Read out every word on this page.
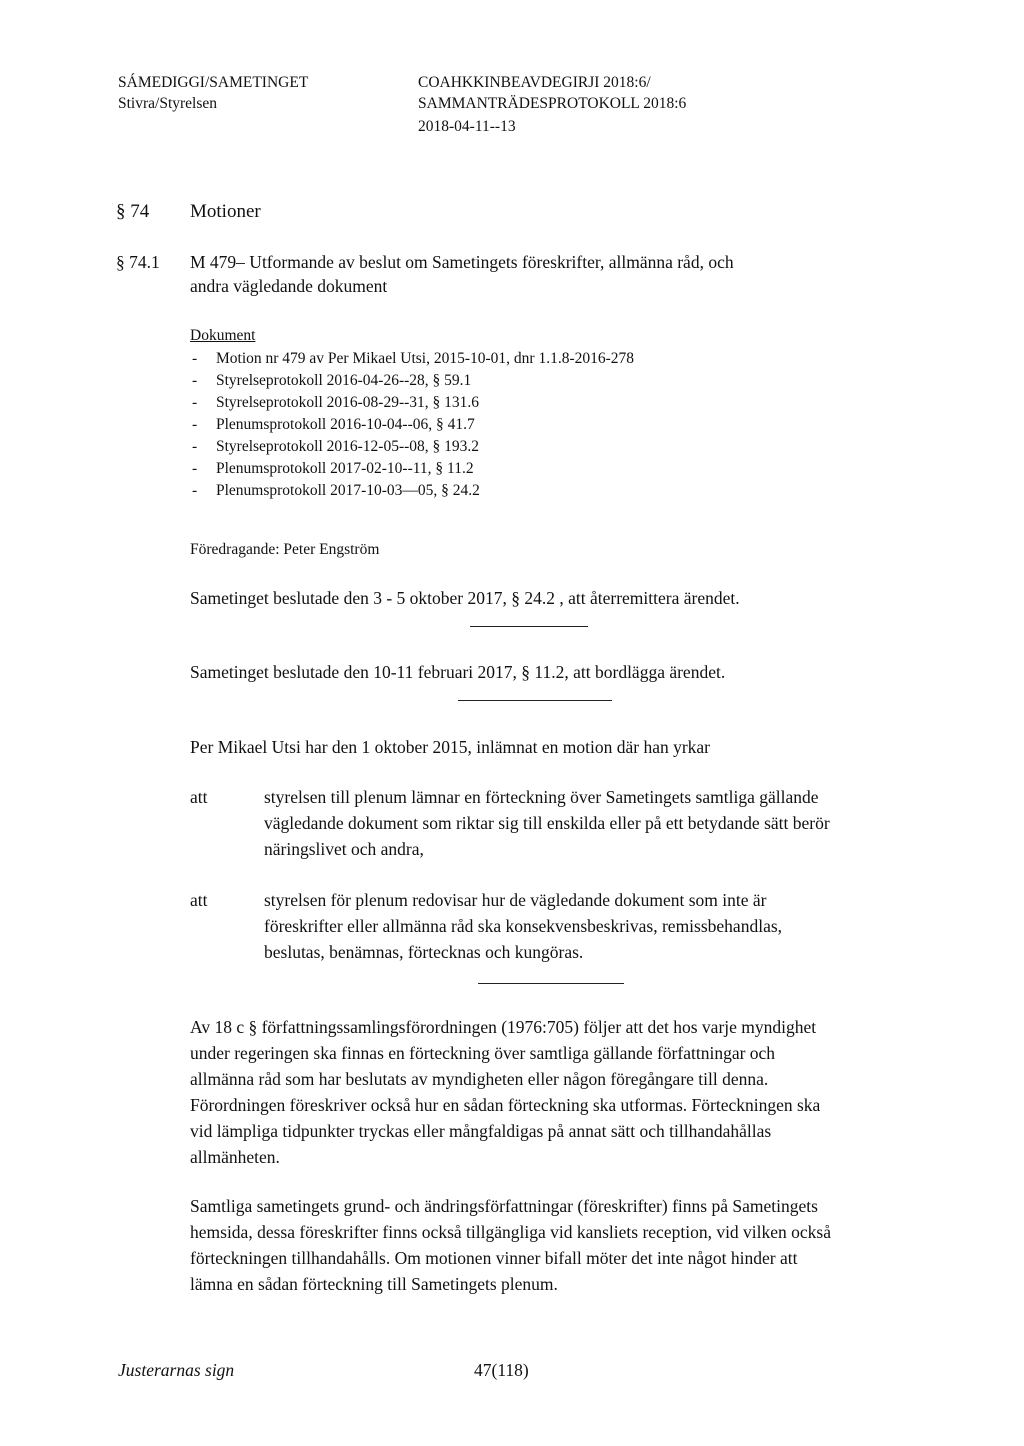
SÁMEDIGGI/SAMETINGET
Stivra/Styrelsen
COAHKKINBEAVDEGIRJI 2018:6/
SAMMANTRÄDESPROTOKOLL 2018:6
2018-04-11--13
§ 74 Motioner
§ 74.1 M 479– Utformande av beslut om Sametingets föreskrifter, allmänna råd, och
andra vägledande dokument
Dokument
-	Motion nr 479 av Per Mikael Utsi, 2015-10-01, dnr 1.1.8-2016-278
-	Styrelseprotokoll 2016-04-26--28, § 59.1
-	Styrelseprotokoll 2016-08-29--31, § 131.6
-	Plenumsprotokoll 2016-10-04--06, § 41.7
-	Styrelseprotokoll 2016-12-05--08, § 193.2
-	Plenumsprotokoll 2017-02-10--11, § 11.2
-	Plenumsprotokoll 2017-10-03—05, § 24.2
Föredragande: Peter Engström
Sametinget beslutade den 3 - 5 oktober 2017, § 24.2 , att återremittera ärendet.
Sametinget beslutade den 10-11 februari 2017, § 11.2, att bordlägga ärendet.
Per Mikael Utsi har den 1 oktober 2015, inlämnat en motion där han yrkar
att	styrelsen till plenum lämnar en förteckning över Sametingets samtliga gällande
vägledande dokument som riktar sig till enskilda eller på ett betydande sätt berör
näringslivet och andra,
att	styrelsen för plenum redovisar hur de vägledande dokument som inte är
föreskrifter eller allmänna råd ska konsekvensbeskrivas, remissbehandlas,
beslutas, benämnas, förtecknas och kungöras.
Av 18 c § författningssamlingsförordningen (1976:705) följer att det hos varje myndighet
under regeringen ska finnas en förteckning över samtliga gällande författningar och
allmänna råd som har beslutats av myndigheten eller någon föregångare till denna.
Förordningen föreskriver också hur en sådan förteckning ska utformas. Förteckningen ska
vid lämpliga tidpunkter tryckas eller mångfaldigas på annat sätt och tillhandahållas
allmänheten.
Samtliga sametingets grund- och ändringsförfattningar (föreskrifter) finns på Sametingets
hemsida, dessa föreskrifter finns också tillgängliga vid kansliets reception, vid vilken också
förteckningen tillhandahålls. Om motionen vinner bifall möter det inte något hinder att
lämna en sådan förteckning till Sametingets plenum.
Justerarnas sign	47(118)
